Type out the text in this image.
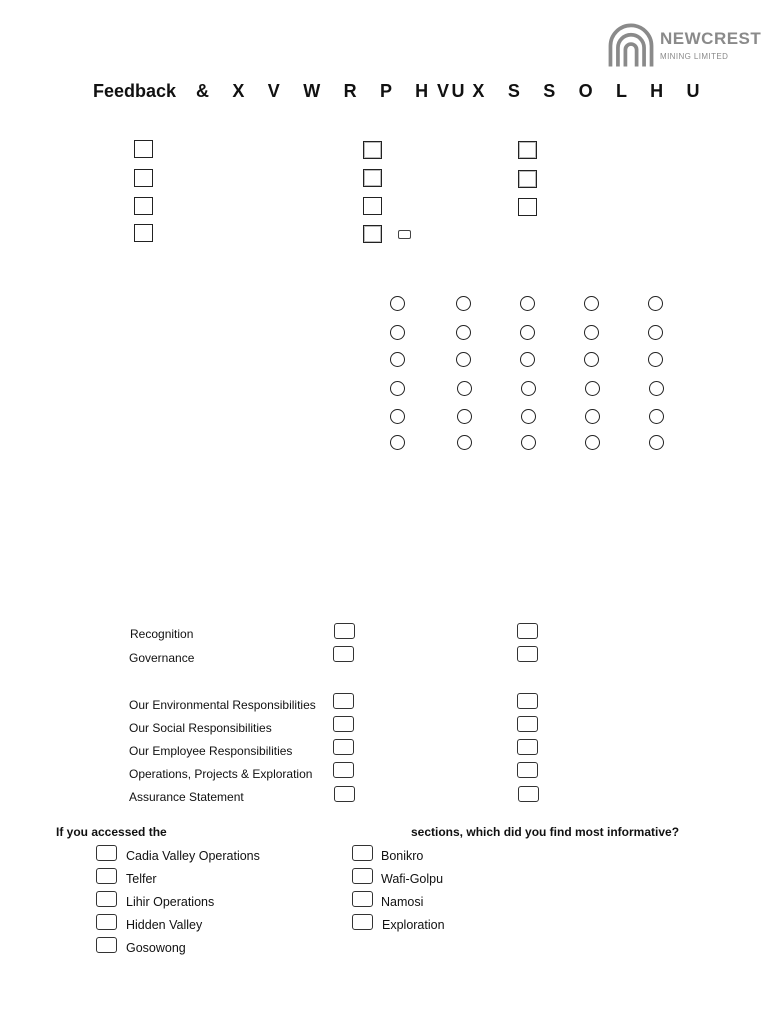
NEWCREST
MINING LIMITED
Feedback & X V W R P H U
V X S S O L H U
Recognition
Governance
Our Environmental Responsibilities
Our Social Responsibilities
Our Employee Responsibilities
Operations, Projects & Exploration
Assurance Statement
If you accessed the	sections, which did you find most informative?
Cadia Valley Operations
Telfer
Lihir Operations
Hidden Valley
Gosowong
Bonikro
Wafi-Golpu
Namosi
Exploration
